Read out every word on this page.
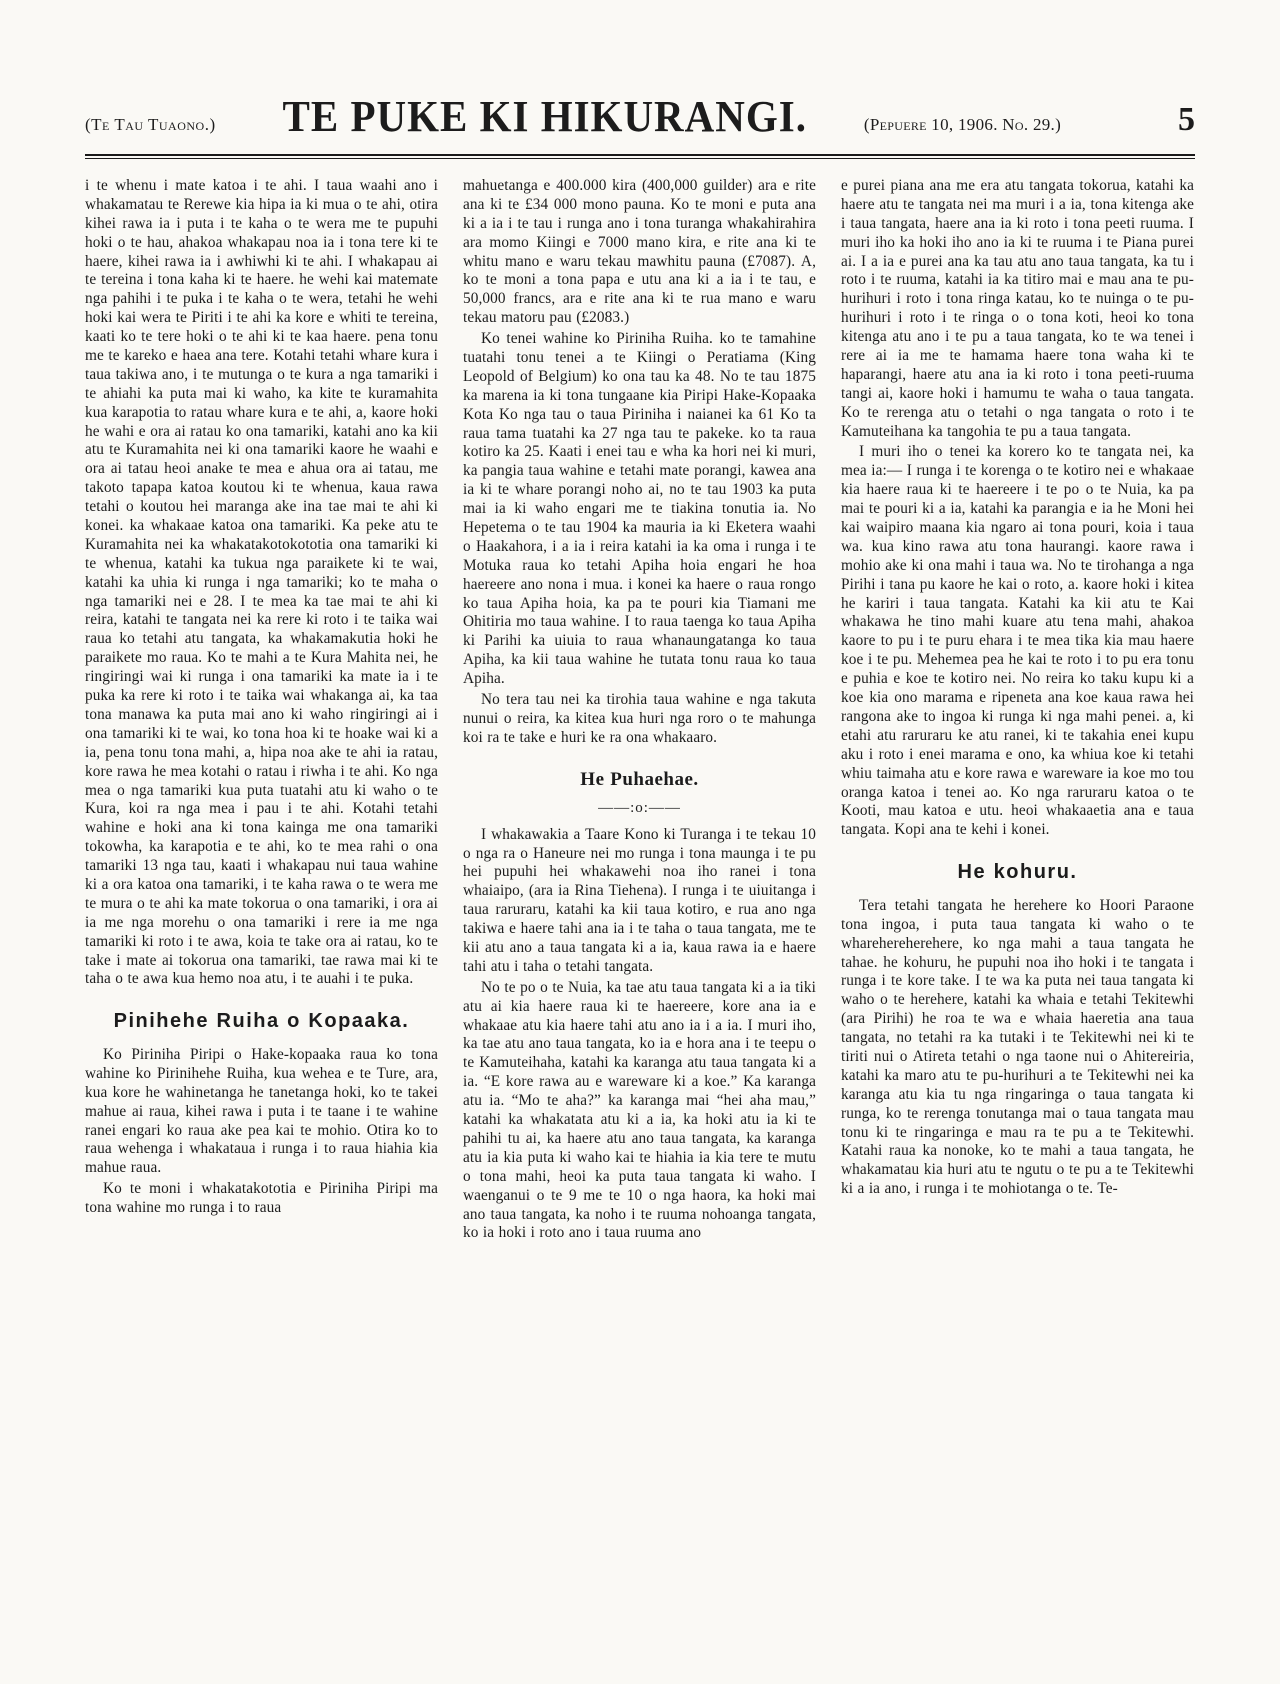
(Te Tau Tuaono.) TE PUKE KI HIKURANGI.	(Pepuere 10, 1906. No. 29.)	5

i te whenu i mate katoa i te ahi. I taua waahi ano i whakamatau te Rerewe kia hipa ia ki mua o te ahi, otira kihei rawa ia i puta i te kaha o te wera me te pupuhi hoki o te hau, ahakoa whakapau noa ia i tona tere ki te haere, kihei rawa ia i awhiwhi ki te ahi. I whakapau ai te tereina i tona kaha ki te haere. he wehi kai matemate nga pahihi i te puka i te kaha o te wera, tetahi he wehi hoki kai wera te Piriti i te ahi ka kore e whiti te tereina, kaati ko te tere hoki o te ahi ki te kaa haere. pena tonu me te kareko e haea ana tere. Kotahi tetahi whare kura i taua takiwa ano, i te mutunga o te kura a nga tamariki i te ahiahi ka puta mai ki waho, ka kite te kuramahita kua karapotia to ratau whare kura e te ahi, a, kaore hoki he wahi e ora ai ratau ko ona tamariki, katahi ano ka kii atu te Kuramahita nei ki ona tamariki kaore he waahi e ora ai tatau heoi anake te mea e ahua ora ai tatau, me takoto tapapa katoa koutou ki te whenua, kaua rawa tetahi o koutou hei maranga ake ina tae mai te ahi ki konei. ka whakaae katoa ona tamariki. Ka peke atu te Kuramahita nei ka whakatakotokototia ona tamariki ki te whenua, katahi ka tukua nga paraikete ki te wai, katahi ka uhia ki runga i nga tamariki; ko te maha o nga tamariki nei e 28. I te mea ka tae mai te ahi ki reira, katahi te tangata nei ka rere ki roto i te taika wai raua ko tetahi atu tangata, ka whakamakutia hoki he paraikete mo raua. Ko te mahi a te Kura Mahita nei, he ringiringi wai ki runga i ona tamariki ka mate ia i te puka ka rere ki roto i te taika wai whakanga ai, ka taa tona manawa ka puta mai ano ki waho ringiringi ai i ona tamariki ki te wai, ko tona hoa ki te hoake wai ki a ia, pena tonu tona mahi, a, hipa noa ake te ahi ia ratau, kore rawa he mea kotahi o ratau i riwha i te ahi. Ko nga mea o nga tamariki kua puta tuatahi atu ki waho o te Kura, koi ra nga mea i pau i te ahi. Kotahi tetahi wahine e hoki ana ki tona kainga me ona tamariki tokowha, ka karapotia e te ahi, ko te mea rahi o ona tamariki 13 nga tau, kaati i whakapau nui taua wahine ki a ora katoa ona tamariki, i te kaha rawa o te wera me te mura o te ahi ka mate tokorua o ona tamariki, i ora ai ia me nga morehu o ona tamariki i rere ia me nga tamariki ki roto i te awa, koia te take ora ai ratau, ko te take i mate ai tokorua ona tamariki, tae rawa mai ki te taha o te awa kua hemo noa atu, i te auahi i te puka.

Pinihehe Ruiha o Kopaaka.

Ko Piriniha Piripi o Hake-kopaaka raua ko tona wahine ko Pirinihehe Ruiha, kua wehea e te Ture, ara, kua kore he wahinetanga he tanetanga hoki, ko te takei mahue ai raua, kihei rawa i puta i te taane i te wahine ranei engari ko raua ake pea kai te mohio. Otira ko to raua wehenga i whakataua i runga i to raua hiahia kia mahue raua.

Ko te moni i whakatakototia e Piriniha Piripi ma tona wahine mo runga i to raua

mahuetanga e 400.000 kira (400,000 guilder) ara e rite ana ki te £34 000 mono pauna. Ko te moni e puta ana ki a ia i te tau i runga ano i tona turanga whakahirahira ara momo Kiingi e 7000 mano kira, e rite ana ki te whitu mano e waru tekau mawhitu pauna (£7087). A, ko te moni a tona papa e utu ana ki a ia i te tau, e 50,000 francs, ara e rite ana ki te rua mano e waru tekau matoru pau (£2083.)

Ko tenei wahine ko Piriniha Ruiha. ko te tamahine tuatahi tonu tenei a te Kiingi o Peratiama (King Leopold of Belgium) ko ona tau ka 48. No te tau 1875 ka marena ia ki tona tungaane kia Piripi Hake-Kopaaka Kota Ko nga tau o taua Piriniha i naianei ka 61 Ko ta raua tama tuatahi ka 27 nga tau te pakeke. ko ta raua kotiro ka 25. Kaati i enei tau e wha ka hori nei ki muri, ka pangia taua wahine e tetahi mate porangi, kawea ana ia ki te whare porangi noho ai, no te tau 1903 ka puta mai ia ki waho engari me te tiakina tonutia ia. No Hepetema o te tau 1904 ka mauria ia ki Eketera waahi o Haakahora, i a ia i reira katahi ia ka oma i runga i te Motuka raua ko tetahi Apiha hoia engari he hoa haereere ano nona i mua. i konei ka haere o raua rongo ko taua Apiha hoia, ka pa te pouri kia Tiamani me Ohitiria mo taua wahine. I to raua taenga ko taua Apiha ki Parihi ka uiuia to raua whanaungatanga ko taua Apiha, ka kii taua wahine he tutata tonu raua ko taua Apiha.

No tera tau nei ka tirohia taua wahine e nga takuta nunui o reira, ka kitea kua huri nga roro o te mahunga koi ra te take e huri ke ra ona whakaaro.

He Puhaehae.
——:o:——

I whakawakia a Taare Kono ki Turanga i te tekau 10 o nga ra o Haneure nei mo runga i tona maunga i te pu hei pupuhi hei whakawehi noa iho ranei i tona whaiaipo, (ara ia Rina Tiehena). I runga i te uiuitanga i taua raruraru, katahi ka kii taua kotiro, e rua ano nga takiwa e haere tahi ana ia i te taha o taua tangata, me te kii atu ano a taua tangata ki a ia, kaua rawa ia e haere tahi atu i taha o tetahi tangata.

No te po o te Nuia, ka tae atu taua tangata ki a ia tiki atu ai kia haere raua ki te haereere, kore ana ia e whakaae atu kia haere tahi atu ano ia i a ia. I muri iho, ka tae atu ano taua tangata, ko ia e hora ana i te teepu o te Kamuteihaha, katahi ka karanga atu taua tangata ki a ia. “E kore rawa au e wareware ki a koe.” Ka karanga atu ia. “Mo te aha?” ka karanga mai “hei aha mau,” katahi ka whakatata atu ki a ia, ka hoki atu ia ki te pahihi tu ai, ka haere atu ano taua tangata, ka karanga atu ia kia puta ki waho kai te hiahia ia kia tere te mutu o tona mahi, heoi ka puta taua tangata ki waho. I waenganui o te 9 me te 10 o nga haora, ka hoki mai ano taua tangata, ka noho i te ruuma nohoanga tangata, ko ia hoki i roto ano i taua ruuma ano

e purei piana ana me era atu tangata tokorua, katahi ka haere atu te tangata nei ma muri i a ia, tona kitenga ake i taua tangata, haere ana ia ki roto i tona peeti ruuma. I muri iho ka hoki iho ano ia ki te ruuma i te Piana purei ai. I a ia e purei ana ka tau atu ano taua tangata, ka tu i roto i te ruuma, katahi ia ka titiro mai e mau ana te pu-hurihuri i roto i tona ringa katau, ko te nuinga o te pu-hurihuri i roto i te ringa o o tona koti, heoi ko tona kitenga atu ano i te pu a taua tangata, ko te wa tenei i rere ai ia me te hamama haere tona waha ki te haparangi, haere atu ana ia ki roto i tona peeti-ruuma tangi ai, kaore hoki i hamumu te waha o taua tangata. Ko te rerenga atu o tetahi o nga tangata o roto i te Kamuteihana ka tangohia te pu a taua tangata.

I muri iho o tenei ka korero ko te tangata nei, ka mea ia:— I runga i te korenga o te kotiro nei e whakaae kia haere raua ki te haereere i te po o te Nuia, ka pa mai te pouri ki a ia, katahi ka parangia e ia he Moni hei kai waipiro maana kia ngaro ai tona pouri, koia i taua wa. kua kino rawa atu tona haurangi. kaore rawa i mohio ake ki ona mahi i taua wa. No te tirohanga a nga Pirihi i tana pu kaore he kai o roto, a. kaore hoki i kitea he kariri i taua tangata. Katahi ka kii atu te Kai whakawa he tino mahi kuare atu tena mahi, ahakoa kaore to pu i te puru ehara i te mea tika kia mau haere koe i te pu. Mehemea pea he kai te roto i to pu era tonu e puhia e koe te kotiro nei. No reira ko taku kupu ki a koe kia ono marama e ripeneta ana koe kaua rawa hei rangona ake to ingoa ki runga ki nga mahi penei. a, ki etahi atu raruraru ke atu ranei, ki te takahia enei kupu aku i roto i enei marama e ono, ka whiua koe ki tetahi whiu taimaha atu e kore rawa e wareware ia koe mo tou oranga katoa i tenei ao. Ko nga raruraru katoa o te Kooti, mau katoa e utu. heoi whakaaetia ana e taua tangata. Kopi ana te kehi i konei.

He kohuru.

Tera tetahi tangata he herehere ko Hoori Paraone tona ingoa, i puta taua tangata ki waho o te wharehereherehere, ko nga mahi a taua tangata he tahae. he kohuru, he pupuhi noa iho hoki i te tangata i runga i te kore take. I te wa ka puta nei taua tangata ki waho o te herehere, katahi ka whaia e tetahi Tekitewhi (ara Pirihi) he roa te wa e whaia haeretia ana taua tangata, no tetahi ra ka tutaki i te Tekitewhi nei ki te tiriti nui o Atireta tetahi o nga taone nui o Ahitereiria, katahi ka maro atu te pu-hurihuri a te Tekitewhi nei ka karanga atu kia tu nga ringaringa o taua tangata ki runga, ko te rerenga tonutanga mai o taua tangata mau tonu ki te ringaringa e mau ra te pu a te Tekitewhi. Katahi raua ka nonoke, ko te mahi a taua tangata, he whakamatau kia huri atu te ngutu o te pu a te Tekitewhi ki a ia ano, i runga i te mohiotanga o te. Te-
